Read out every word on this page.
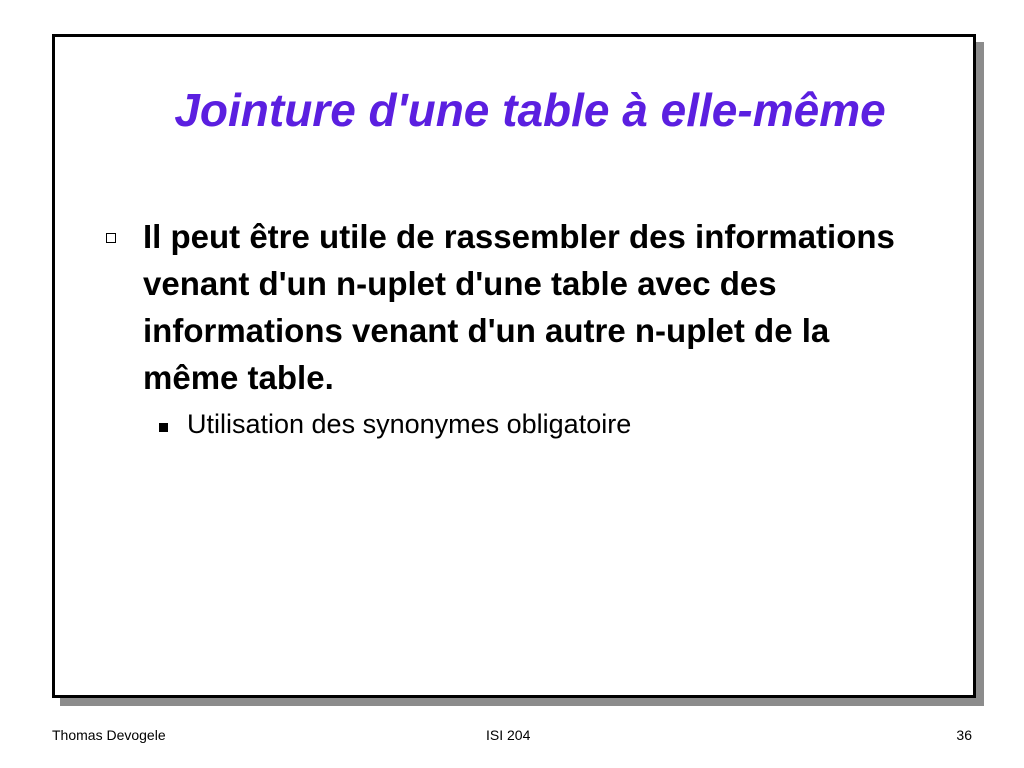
Jointure d'une table à elle-même

Il peut être utile de rassembler des informations venant d'un n-uplet d'une table avec des informations venant d'un autre n-uplet de la même table.

Utilisation des synonymes obligatoire

Thomas Devogele	ISI 204	36
